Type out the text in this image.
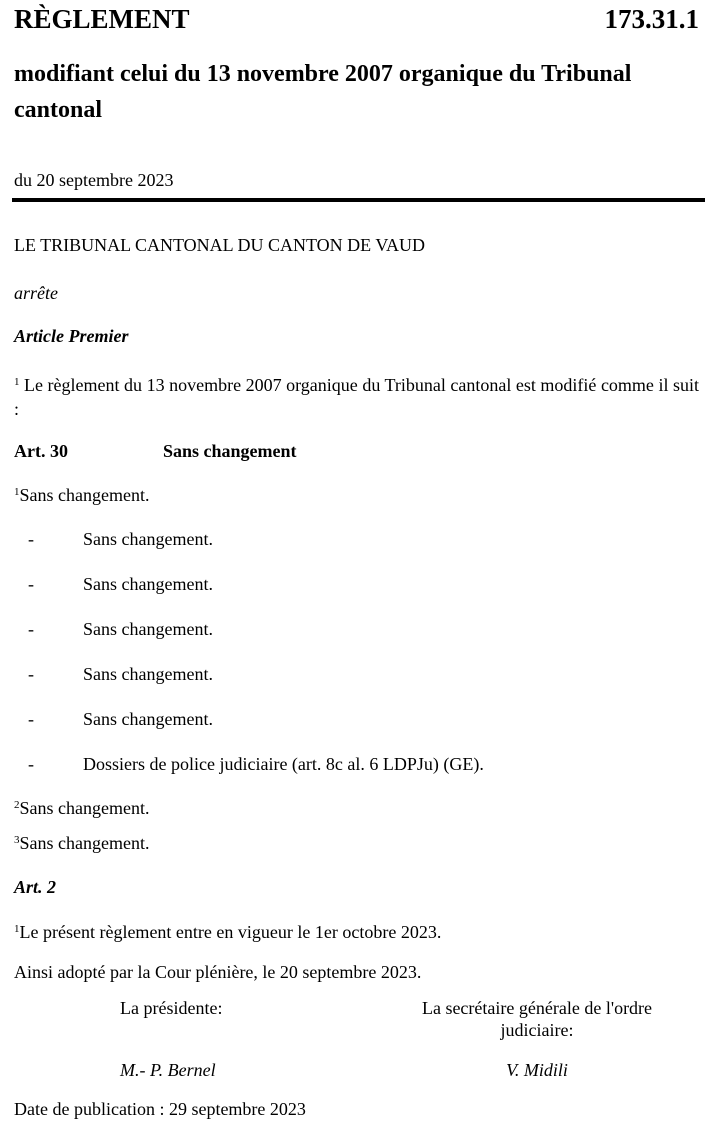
RÈGLEMENT	173.31.1
modifiant celui du 13 novembre 2007 organique du Tribunal cantonal
du 20 septembre 2023
LE TRIBUNAL CANTONAL DU CANTON DE VAUD
arrête
Article Premier
$^1$ Le règlement du 13 novembre 2007 organique du Tribunal cantonal est modifié comme il suit :
Art. 30	Sans changement
$^1$Sans changement.
-	Sans changement.
-	Sans changement.
-	Sans changement.
-	Sans changement.
-	Sans changement.
-	Dossiers de police judiciaire (art. 8c al. 6 LDPJu) (GE).
$^2$Sans changement.
$^3$Sans changement.
Art. 2
$^1$Le présent règlement entre en vigueur le 1er octobre 2023.
Ainsi adopté par la Cour plénière, le 20 septembre 2023.
La présidente:	La secrétaire générale de l'ordre
judiciaire:
M.- P. Bernel	V. Midili
Date de publication : 29 septembre 2023
